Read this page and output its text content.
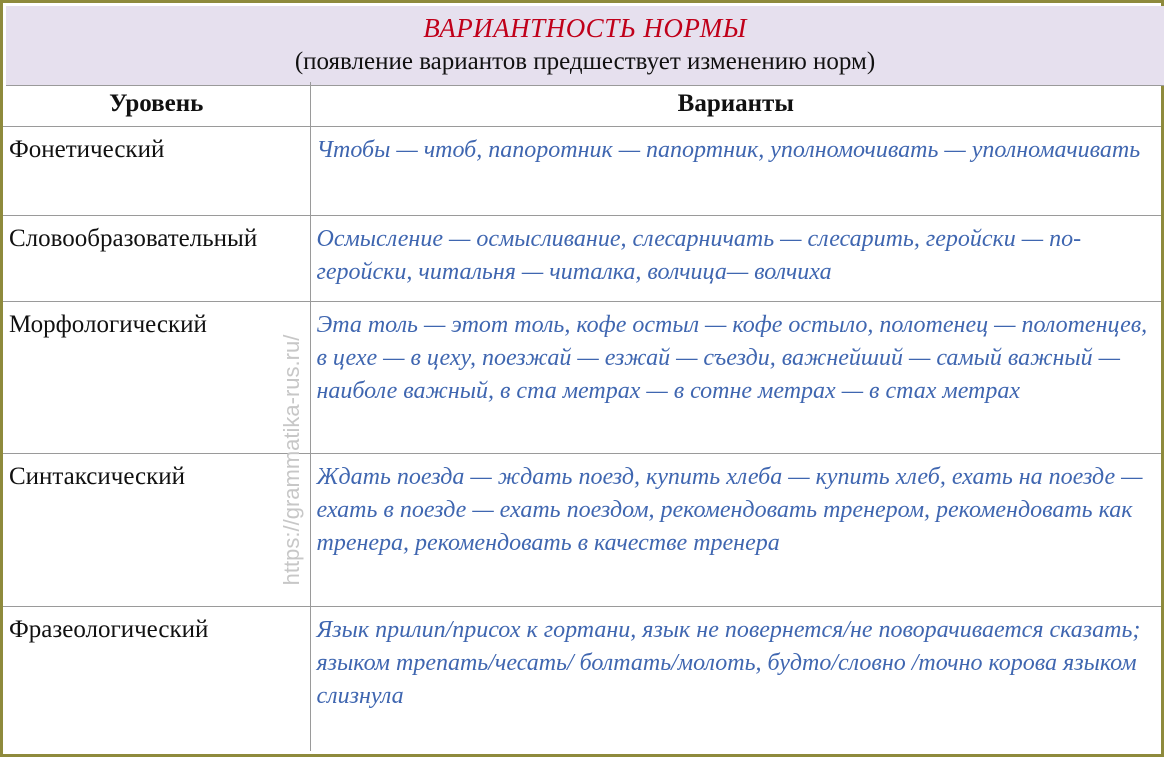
ВАРИАНТНОСТЬ НОРМЫ
(появление вариантов предшествует изменению норм)
Уровень	Варианты
Фонетический	Чтобы — чтоб, папоротник — папортник, уполномочивать — уполномачивать
Словообразовательный	Осмысление — осмысливание, слесарничать — слесарить, геройски — по-геройски, читальня — читалка, волчица— волчиха
Морфологический	Эта толь — этот толь, кофе остыл — кофе остыло, полотенец — полотенцев, в цехе — в цеху, поезжай — езжай — съезди, важнейший — самый важный — наиболе важный, в ста метрах — в сотне метрах — в стах метрах
Синтаксический	Ждать поезда — ждать поезд, купить хлеба — купить хлеб, ехать на поезде — ехать в поезде — ехать поездом, рекомендовать тренером, рекомендовать как тренера, рекомендовать в качестве тренера
Фразеологический	Язык прилип/присох к гортани, язык не повернется/не поворачивается сказать;
языком трепать/чесать/ болтать/молоть, будто/словно /точно корова языком слизнула
https://grammatika-rus.ru/
